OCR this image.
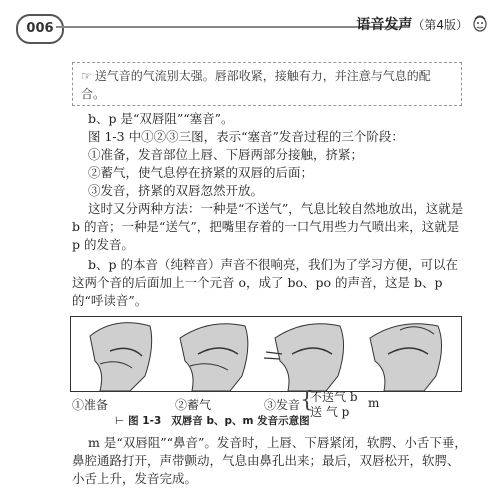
006	语音发声（第4版）
☞ 送气音的气流别太强。唇部收紧，接触有力，并注意与气息的配合。
b、p 是“双唇阻”“塞音”。
图 1-3 中①②③三图，表示“塞音”发音过程的三个阶段：
①准备，发音部位上唇、下唇两部分接触，挤紧；
②蓄气，使气息停在挤紧的双唇的后面；
③发音，挤紧的双唇忽然开放。
这时又分两种方法：一种是“不送气”，气息比较自然地放出，这就是 b 的音；一种是“送气”，把嘴里存着的一口气用些力气喷出来，这就是 p 的发音。
①准备	②蓄气	③发音 {
不送气 b
送 气 p
m
⊢ 图 1-3 双唇音 b、p、m 发音示意图
b、p 的本音（纯粹音）声音不很响亮，我们为了学习方便，可以在这两个音的后面加上一个元音 o，成了 bo、po 的声音，这是 b、p 的“呼读音”。
m 是“双唇阻”“鼻音”。发音时，上唇、下唇紧闭，软腭、小舌下垂，鼻腔通路打开，声带颤动，气息由鼻孔出来；最后，双唇松开，软腭、小舌上升，发音完成。
